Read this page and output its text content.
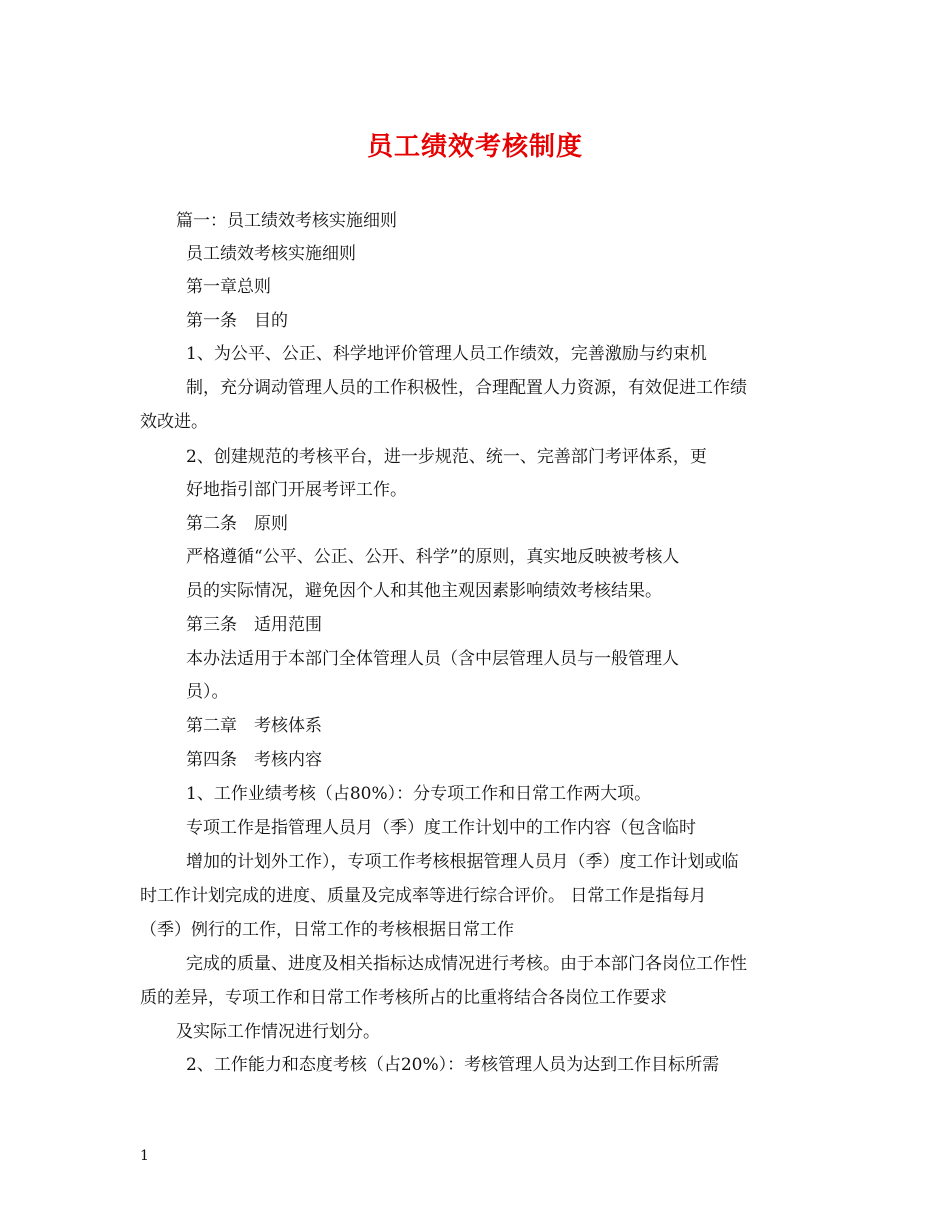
员工绩效考核制度
篇一：员工绩效考核实施细则
员工绩效考核实施细则
第一章总则
第一条　目的
1、为公平、公正、科学地评价管理人员工作绩效，完善激励与约束机
制，充分调动管理人员的工作积极性，合理配置人力资源，有效促进工作绩
效改进。
2、创建规范的考核平台，进一步规范、统一、完善部门考评体系，更
好地指引部门开展考评工作。
第二条　原则
严格遵循“公平、公正、公开、科学”的原则，真实地反映被考核人
员的实际情况，避免因个人和其他主观因素影响绩效考核结果。
第三条　适用范围
本办法适用于本部门全体管理人员（含中层管理人员与一般管理人
员）。
第二章　考核体系
第四条　考核内容
1、工作业绩考核（占80%）：分专项工作和日常工作两大项。
专项工作是指管理人员月（季）度工作计划中的工作内容（包含临时
增加的计划外工作），专项工作考核根据管理人员月（季）度工作计划或临
时工作计划完成的进度、质量及完成率等进行综合评价。 日常工作是指每月
（季）例行的工作，日常工作的考核根据日常工作
完成的质量、进度及相关指标达成情况进行考核。由于本部门各岗位工作性
质的差异，专项工作和日常工作考核所占的比重将结合各岗位工作要求
及实际工作情况进行划分。
2、工作能力和态度考核（占20%）：考核管理人员为达到工作目标所需
1
